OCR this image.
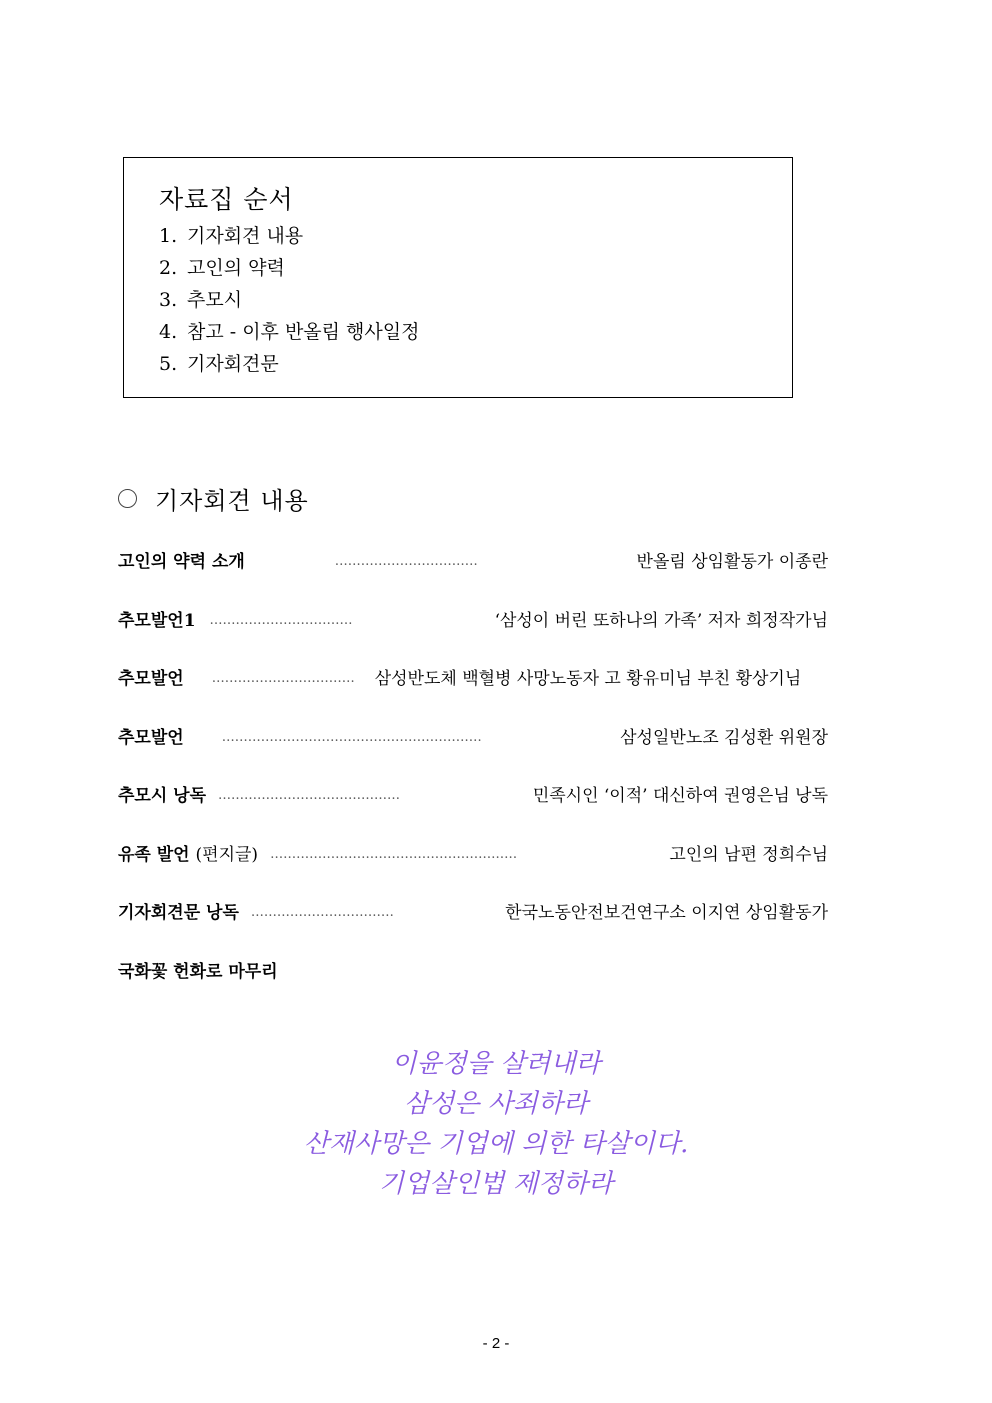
자료집 순서
1. 기자회견 내용
2. 고인의 약력
3. 추모시
4. 참고 - 이후 반올림 행사일정
5. 기자회견문
기자회견 내용
고인의 약력 소개	……………………………	반올림 상임활동가 이종란
추모발언1 ……………………………	‘삼성이 버린 또하나의 가족’ 저자 희정작가님
추모발언 …………………………… 삼성반도체 백혈병 사망노동자 고 황유미님 부친 황상기님
추모발언	……………………………………………………	삼성일반노조 김성환 위원장
추모시 낭독 ……………………………………	민족시인 ‘이적’ 대신하여 권영은님 낭독
유족 발언 (편지글) …………………………………………………	고인의 남편 정희수님
기자회견문 낭독 ……………………………	한국노동안전보건연구소 이지연 상임활동가
국화꽃 헌화로 마무리
이윤정을 살려내라
삼성은 사죄하라
산재사망은 기업에 의한 타살이다.
기업살인법 제정하라
- 2 -
